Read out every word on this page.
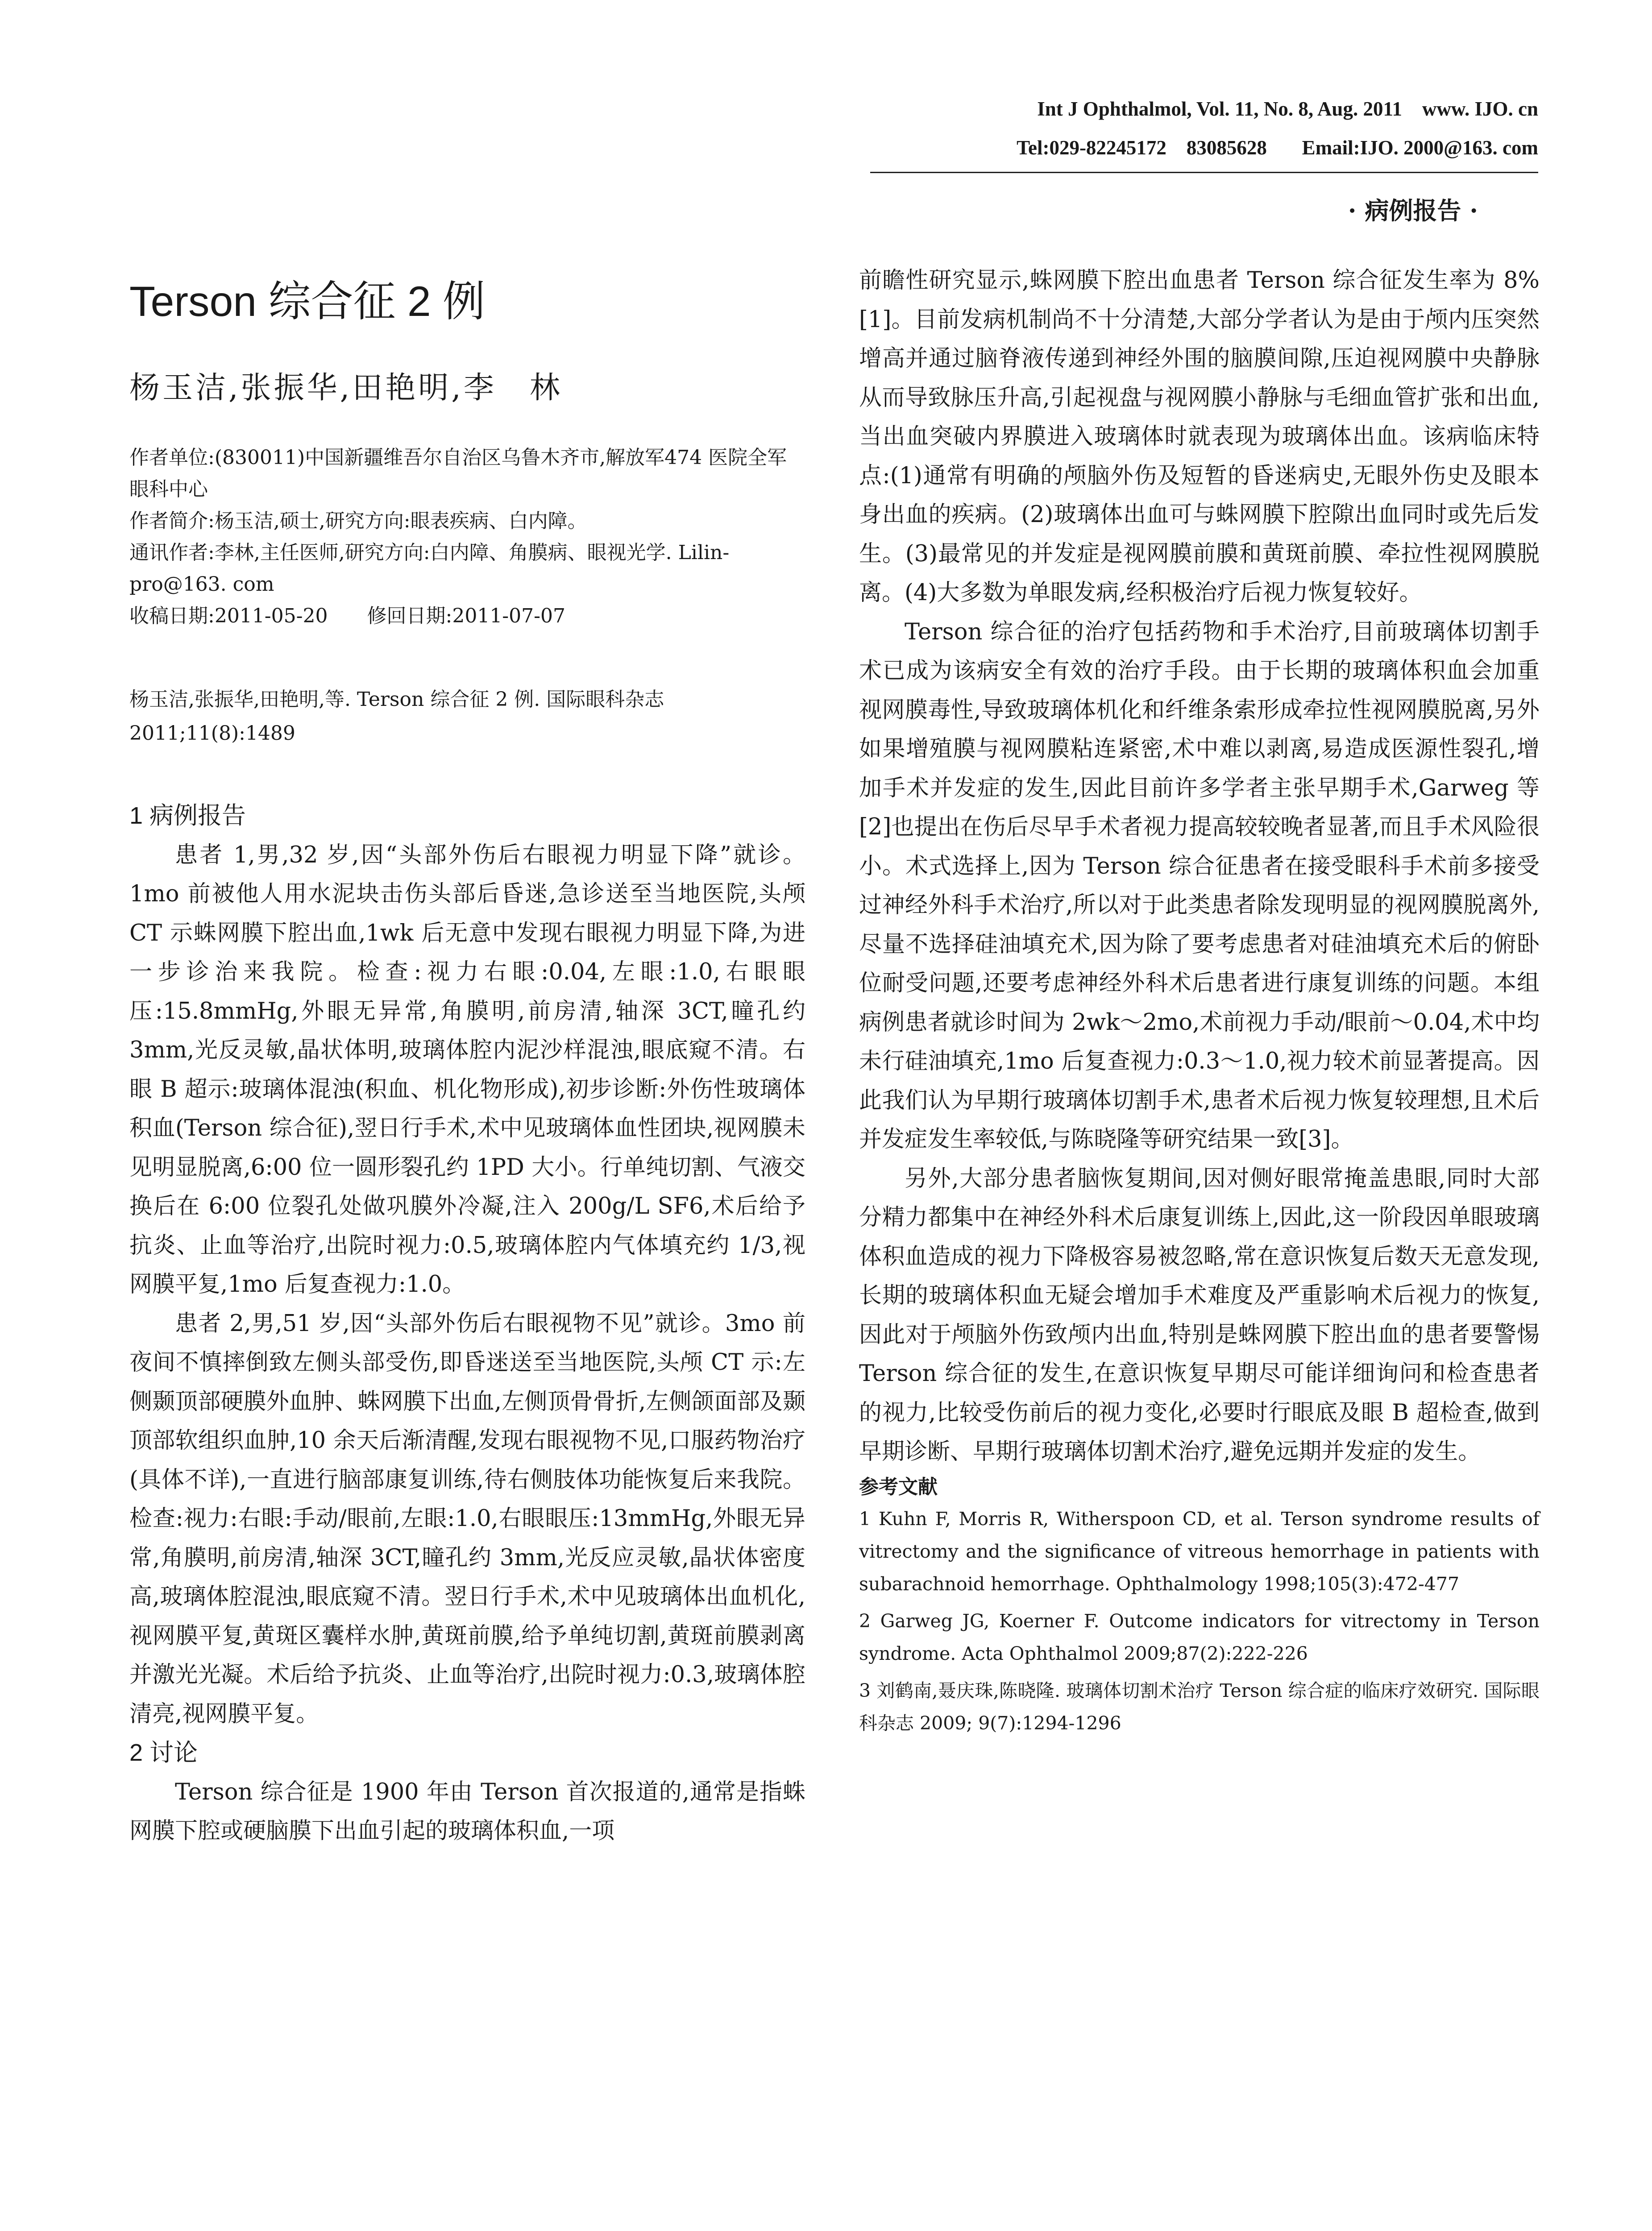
Int J Ophthalmol, Vol. 11, No. 8, Aug. 2011    www. IJO. cn
Tel:029-82245172    83085628       Email:IJO. 2000@163. com
· 病例报告 ·
Terson 综合征 2 例
杨玉洁,张振华,田艳明,李　林

作者单位:(830011)中国新疆维吾尔自治区乌鲁木齐市,解放军474 医院全军眼科中心

作者简介:杨玉洁,硕士,研究方向:眼表疾病、白内障。

通讯作者:李林,主任医师,研究方向:白内障、角膜病、眼视光学. Lilin-pro@163. com

收稿日期:2011-05-20　　修回日期:2011-07-07

杨玉洁,张振华,田艳明,等. Terson 综合征 2 例. 国际眼科杂志 2011;11(8):1489

1 病例报告

患者 1,男,32 岁,因“头部外伤后右眼视力明显下降”就诊。1mo 前被他人用水泥块击伤头部后昏迷,急诊送至当地医院,头颅 CT 示蛛网膜下腔出血,1wk 后无意中发现右眼视力明显下降,为进一步诊治来我院。检查:视力右眼:0.04,左眼:1.0,右眼眼压:15.8mmHg,外眼无异常,角膜明,前房清,轴深 3CT,瞳孔约 3mm,光反灵敏,晶状体明,玻璃体腔内泥沙样混浊,眼底窥不清。右眼 B 超示:玻璃体混浊(积血、机化物形成),初步诊断:外伤性玻璃体积血(Terson 综合征),翌日行手术,术中见玻璃体血性团块,视网膜未见明显脱离,6:00 位一圆形裂孔约 1PD 大小。行单纯切割、气液交换后在 6:00 位裂孔处做巩膜外冷凝,注入 200g/L SF6,术后给予抗炎、止血等治疗,出院时视力:0.5,玻璃体腔内气体填充约 1/3,视网膜平复,1mo 后复查视力:1.0。

患者 2,男,51 岁,因“头部外伤后右眼视物不见”就诊。3mo 前夜间不慎摔倒致左侧头部受伤,即昏迷送至当地医院,头颅 CT 示:左侧颞顶部硬膜外血肿、蛛网膜下出血,左侧顶骨骨折,左侧颌面部及颞顶部软组织血肿,10 余天后渐清醒,发现右眼视物不见,口服药物治疗(具体不详),一直进行脑部康复训练,待右侧肢体功能恢复后来我院。检查:视力:右眼:手动/眼前,左眼:1.0,右眼眼压:13mmHg,外眼无异常,角膜明,前房清,轴深 3CT,瞳孔约 3mm,光反应灵敏,晶状体密度高,玻璃体腔混浊,眼底窥不清。翌日行手术,术中见玻璃体出血机化,视网膜平复,黄斑区囊样水肿,黄斑前膜,给予单纯切割,黄斑前膜剥离并激光光凝。术后给予抗炎、止血等治疗,出院时视力:0.3,玻璃体腔清亮,视网膜平复。

2 讨论

Terson 综合征是 1900 年由 Terson 首次报道的,通常是指蛛网膜下腔或硬脑膜下出血引起的玻璃体积血,一项

前瞻性研究显示,蛛网膜下腔出血患者 Terson 综合征发生率为 8%[1]。目前发病机制尚不十分清楚,大部分学者认为是由于颅内压突然增高并通过脑脊液传递到神经外围的脑膜间隙,压迫视网膜中央静脉从而导致脉压升高,引起视盘与视网膜小静脉与毛细血管扩张和出血,当出血突破内界膜进入玻璃体时就表现为玻璃体出血。该病临床特点:(1)通常有明确的颅脑外伤及短暂的昏迷病史,无眼外伤史及眼本身出血的疾病。(2)玻璃体出血可与蛛网膜下腔隙出血同时或先后发生。(3)最常见的并发症是视网膜前膜和黄斑前膜、牵拉性视网膜脱离。(4)大多数为单眼发病,经积极治疗后视力恢复较好。

Terson 综合征的治疗包括药物和手术治疗,目前玻璃体切割手术已成为该病安全有效的治疗手段。由于长期的玻璃体积血会加重视网膜毒性,导致玻璃体机化和纤维条索形成牵拉性视网膜脱离,另外如果增殖膜与视网膜粘连紧密,术中难以剥离,易造成医源性裂孔,增加手术并发症的发生,因此目前许多学者主张早期手术,Garweg 等[2]也提出在伤后尽早手术者视力提高较较晚者显著,而且手术风险很小。术式选择上,因为 Terson 综合征患者在接受眼科手术前多接受过神经外科手术治疗,所以对于此类患者除发现明显的视网膜脱离外,尽量不选择硅油填充术,因为除了要考虑患者对硅油填充术后的俯卧位耐受问题,还要考虑神经外科术后患者进行康复训练的问题。本组病例患者就诊时间为 2wk～2mo,术前视力手动/眼前～0.04,术中均未行硅油填充,1mo 后复查视力:0.3～1.0,视力较术前显著提高。因此我们认为早期行玻璃体切割手术,患者术后视力恢复较理想,且术后并发症发生率较低,与陈晓隆等研究结果一致[3]。

另外,大部分患者脑恢复期间,因对侧好眼常掩盖患眼,同时大部分精力都集中在神经外科术后康复训练上,因此,这一阶段因单眼玻璃体积血造成的视力下降极容易被忽略,常在意识恢复后数天无意发现,长期的玻璃体积血无疑会增加手术难度及严重影响术后视力的恢复,因此对于颅脑外伤致颅内出血,特别是蛛网膜下腔出血的患者要警惕 Terson 综合征的发生,在意识恢复早期尽可能详细询问和检查患者的视力,比较受伤前后的视力变化,必要时行眼底及眼 B 超检查,做到早期诊断、早期行玻璃体切割术治疗,避免远期并发症的发生。

参考文献

1 Kuhn F, Morris R, Witherspoon CD, et al. Terson syndrome results of vitrectomy and the significance of vitreous hemorrhage in patients with subarachnoid hemorrhage. Ophthalmology 1998;105(3):472-477

2 Garweg JG, Koerner F. Outcome indicators for vitrectomy in Terson syndrome. Acta Ophthalmol 2009;87(2):222-226

3 刘鹤南,聂庆珠,陈晓隆. 玻璃体切割术治疗 Terson 综合症的临床疗效研究. 国际眼科杂志 2009; 9(7):1294-1296
